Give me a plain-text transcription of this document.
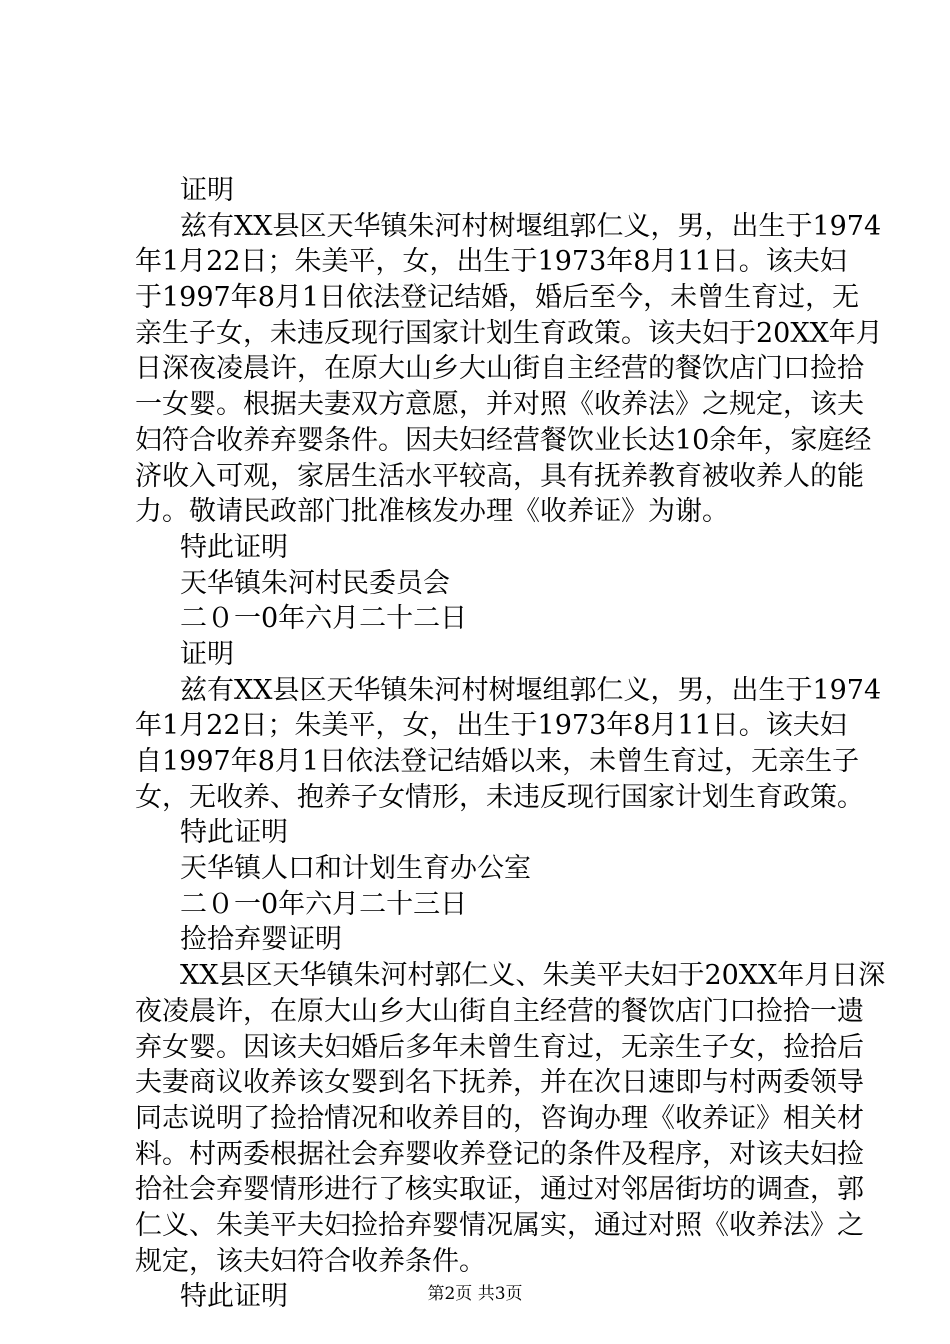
证明
兹有XX县区天华镇朱河村树堰组郭仁义，男，出生于1974
年1月22日；朱美平，女，出生于1973年8月11日。该夫妇
于1997年8月1日依法登记结婚，婚后至今，未曾生育过，无
亲生子女，未违反现行国家计划生育政策。该夫妇于20XX年月
日深夜凌晨许，在原大山乡大山街自主经营的餐饮店门口捡拾
一女婴。根据夫妻双方意愿，并对照《收养法》之规定，该夫
妇符合收养弃婴条件。因夫妇经营餐饮业长达10余年，家庭经
济收入可观，家居生活水平较高，具有抚养教育被收养人的能
力。敬请民政部门批准核发办理《收养证》为谢。
特此证明
天华镇朱河村民委员会
二０一0年六月二十二日
证明
兹有XX县区天华镇朱河村树堰组郭仁义，男，出生于1974
年1月22日；朱美平，女，出生于1973年8月11日。该夫妇
自1997年8月1日依法登记结婚以来，未曾生育过，无亲生子
女，无收养、抱养子女情形，未违反现行国家计划生育政策。
特此证明
天华镇人口和计划生育办公室
二０一0年六月二十三日
捡拾弃婴证明
XX县区天华镇朱河村郭仁义、朱美平夫妇于20XX年月日深
夜凌晨许，在原大山乡大山街自主经营的餐饮店门口捡拾一遗
弃女婴。因该夫妇婚后多年未曾生育过，无亲生子女，捡拾后
夫妻商议收养该女婴到名下抚养，并在次日速即与村两委领导
同志说明了捡拾情况和收养目的，咨询办理《收养证》相关材
料。村两委根据社会弃婴收养登记的条件及程序，对该夫妇捡
拾社会弃婴情形进行了核实取证，通过对邻居街坊的调查，郭
仁义、朱美平夫妇捡拾弃婴情况属实，通过对照《收养法》之
规定，该夫妇符合收养条件。
特此证明	第2页 共3页
